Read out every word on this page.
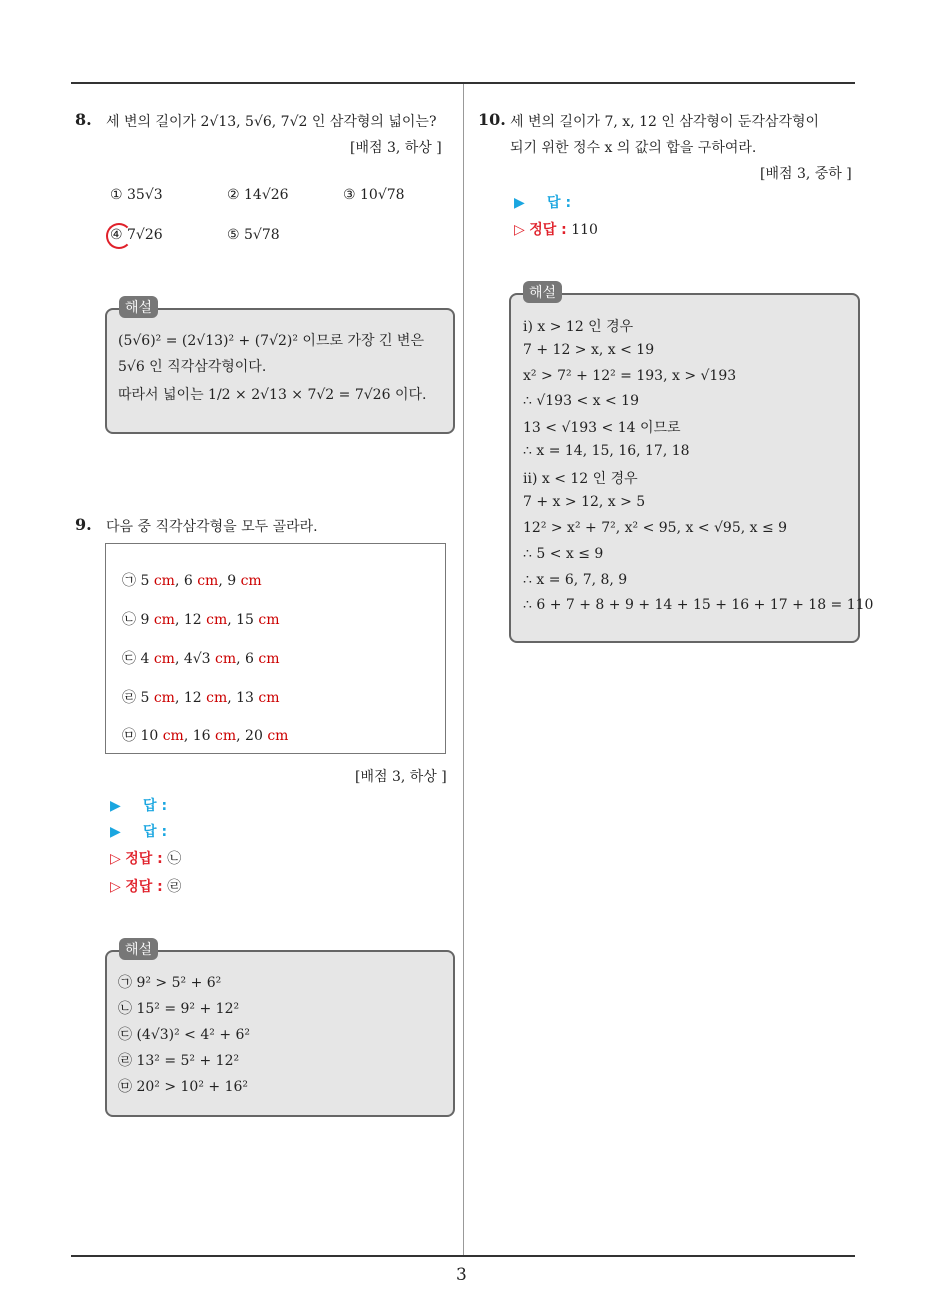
3
8. 세 변의 길이가 2√13, 5√6, 7√2 인 삼각형의 넓이는?
[배점 3, 하상 ]
① 35√3	② 14√26	③ 10√78
④ 7√26	⑤ 5√78
해설
(5√6)² = (2√13)² + (7√2)² 이므로 가장 긴 변은
5√6 인 직각삼각형이다.
따라서 넓이는 1/2 × 2√13 × 7√2 = 7√26 이다.
9. 다음 중 직각삼각형을 모두 골라라.
㉠ 5 cm, 6 cm, 9 cm
㉡ 9 cm, 12 cm, 15 cm
㉢ 4 cm, 4√3 cm, 6 cm
㉣ 5 cm, 12 cm, 13 cm
㉤ 10 cm, 16 cm, 20 cm
[배점 3, 하상 ]
▶ 답 :
▶ 답 :
▷ 정답 : ㉡
▷ 정답 : ㉣
해설
㉠ 9² > 5² + 6²
㉡ 15² = 9² + 12²
㉢ (4√3)² < 4² + 6²
㉣ 13² = 5² + 12²
㉤ 20² > 10² + 16²
10. 세 변의 길이가 7, x, 12 인 삼각형이 둔각삼각형이
되기 위한 정수 x 의 값의 합을 구하여라.
[배점 3, 중하 ]
▶ 답 :
▷ 정답 : 110
해설
ⅰ) x > 12 인 경우
7 + 12 > x, x < 19
x² > 7² + 12² = 193, x > √193
∴ √193 < x < 19
13 < √193 < 14 이므로
∴ x = 14, 15, 16, 17, 18
ⅱ) x < 12 인 경우
7 + x > 12, x > 5
12² > x² + 7², x² < 95, x < √95, x ≤ 9
∴ 5 < x ≤ 9
∴ x = 6, 7, 8, 9
∴ 6 + 7 + 8 + 9 + 14 + 15 + 16 + 17 + 18 = 110
